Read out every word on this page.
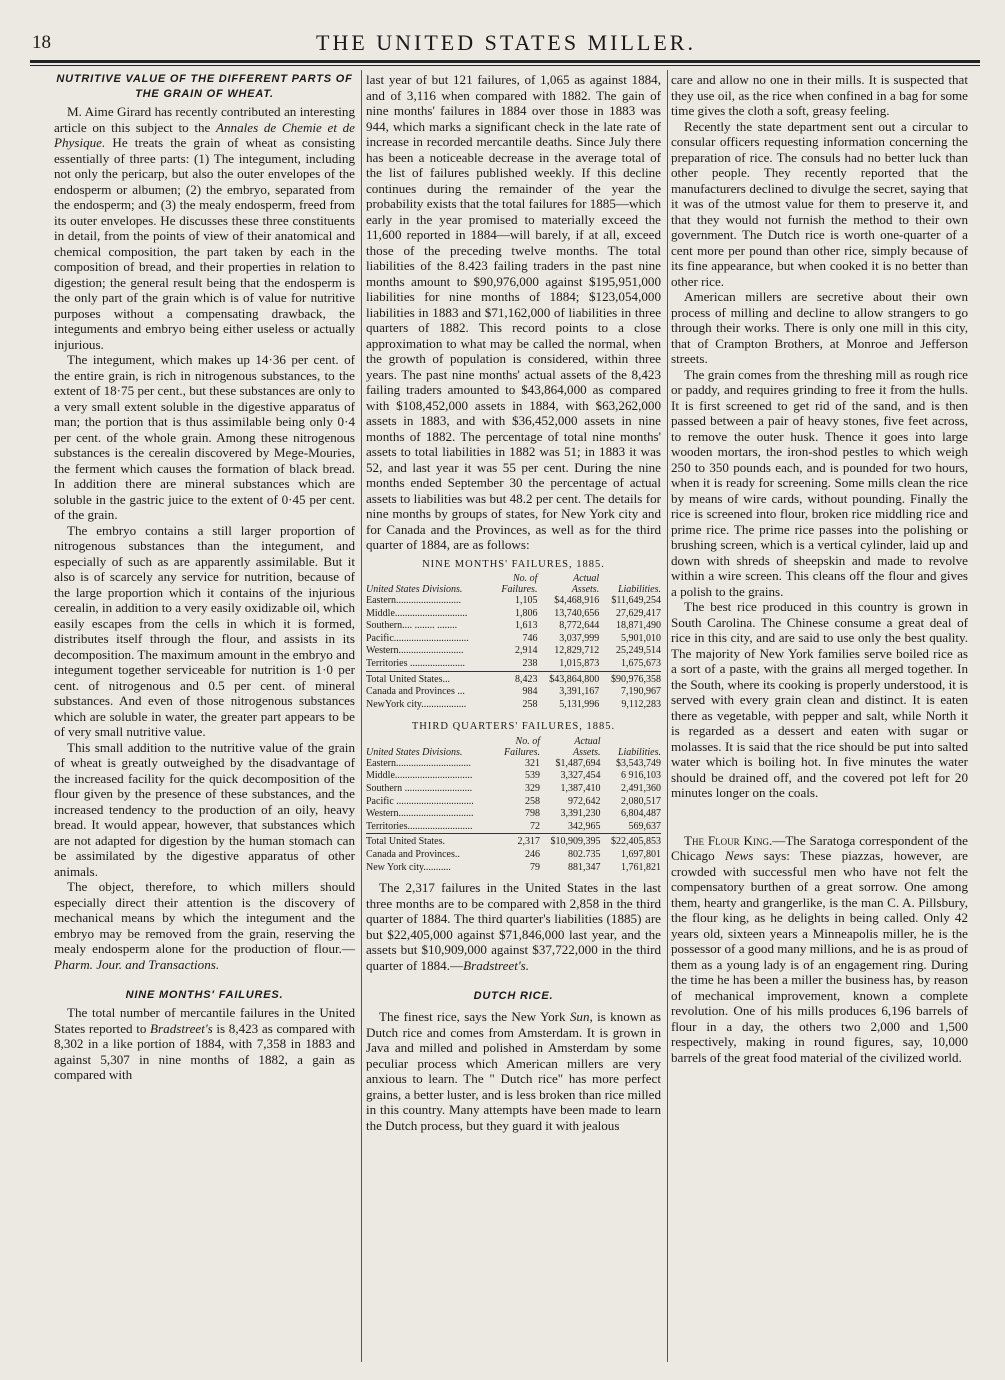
18	THE UNITED STATES MILLER.
NUTRITIVE VALUE OF THE DIFFERENT PARTS OF THE GRAIN OF WHEAT.

M. Aime Girard has recently contributed an interesting article on this subject to the Annales de Chemie et de Physique. He treats the grain of wheat as consisting essentially of three parts: (1) The integument, including not only the pericarp, but also the outer envelopes of the endosperm or albumen; (2) the embryo, separated from the endosperm; and (3) the mealy endosperm, freed from its outer envelopes. He discusses these three constituents in detail, from the points of view of their anatomical and chemical composition, the part taken by each in the composition of bread, and their properties in relation to digestion; the general result being that the endosperm is the only part of the grain which is of value for nutritive purposes without a compensating drawback, the integuments and embryo being either useless or actually injurious.

The integument, which makes up 14·36 per cent. of the entire grain, is rich in nitrogenous substances, to the extent of 18·75 per cent., but these substances are only to a very small extent soluble in the digestive apparatus of man; the portion that is thus assimilable being only 0·4 per cent. of the whole grain. Among these nitrogenous substances is the cerealin discovered by Mege-Mouries, the ferment which causes the formation of black bread. In addition there are mineral substances which are soluble in the gastric juice to the extent of 0·45 per cent. of the grain.

The embryo contains a still larger proportion of nitrogenous substances than the integument, and especially of such as are apparently assimilable. But it also is of scarcely any service for nutrition, because of the large proportion which it contains of the injurious cerealin, in addition to a very easily oxidizable oil, which easily escapes from the cells in which it is formed, distributes itself through the flour, and assists in its decomposition. The maximum amount in the embryo and integument together serviceable for nutrition is 1·0 per cent. of nitrogenous and 0.5 per cent. of mineral substances. And even of those nitrogenous substances which are soluble in water, the greater part appears to be of very small nutritive value.

This small addition to the nutritive value of the grain of wheat is greatly outweighed by the disadvantage of the increased facility for the quick decomposition of the flour given by the presence of these substances, and the increased tendency to the production of an oily, heavy bread. It would appear, however, that substances which are not adapted for digestion by the human stomach can be assimilated by the digestive apparatus of other animals.

The object, therefore, to which millers should especially direct their attention is the discovery of mechanical means by which the integument and the embryo may be removed from the grain, reserving the mealy endosperm alone for the production of flour.—Pharm. Jour. and Transactions.

NINE MONTHS' FAILURES.

The total number of mercantile failures in the United States reported to Bradstreet's is 8,423 as compared with 8,302 in a like portion of 1884, with 7,358 in 1883 and against 5,307 in nine months of 1882, a gain as compared with

last year of but 121 failures, of 1,065 as against 1884, and of 3,116 when compared with 1882. The gain of nine months' failures in 1884 over those in 1883 was 944, which marks a significant check in the late rate of increase in recorded mercantile deaths. Since July there has been a noticeable decrease in the average total of the list of failures published weekly. If this decline continues during the remainder of the year the probability exists that the total failures for 1885—which early in the year promised to materially exceed the 11,600 reported in 1884—will barely, if at all, exceed those of the preceding twelve months. The total liabilities of the 8.423 failing traders in the past nine months amount to $90,976,000 against $195,951,000 liabilities for nine months of 1884; $123,054,000 liabilities in 1883 and $71,162,000 of liabilities in three quarters of 1882. This record points to a close approximation to what may be called the normal, when the growth of population is considered, within three years. The past nine months' actual assets of the 8,423 failing traders amounted to $43,864,000 as compared with $108,452,000 assets in 1884, with $63,262,000 assets in 1883, and with $36,452,000 assets in nine months of 1882. The percentage of total nine months' assets to total liabilities in 1882 was 51; in 1883 it was 52, and last year it was 55 per cent. During the nine months ended September 30 the percentage of actual assets to liabilities was but 48.2 per cent. The details for nine months by groups of states, for New York city and for Canada and the Provinces, as well as for the third quarter of 1884, are as follows:

NINE MONTHS' FAILURES, 1885.
	No. of	Actual	
United States Divisions.	Failures.	Assets.	Liabilities.
Eastern..........................	1,105	$4,468,916	$11,649,254
Middle.............................	1,806	13,740,656	27,629,417
Southern.... ........ ........	1,613	8,772,644	18,871,490
Pacific..............................	746	3,037,999	5,901,010
Western..........................	2,914	12,829,712	25,249,514
Territories ......................	238	1,015,873	1,675,673
Total United States...	8,423	$43,864,800	$90,976,358
Canada and Provinces ...	984	3,391,167	7,190,967
NewYork city..................	258	5,131,996	9,112,283
THIRD QUARTERS' FAILURES, 1885.
	No. of	Actual	
United States Divisions.	Failures.	Assets.	Liabilities.
Eastern..............................	321	$1,487,694	$3,543,749
Middle...............................	539	3,327,454	6 916,103
Southern ...........................	329	1,387,410	2,491,360
Pacific ...............................	258	972,642	2,080,517
Western..............................	798	3,391,230	6,804,487
Territories..........................	72	342,965	569,637
Total United States.	2,317	$10,909,395	$22,405,853
Canada and Provinces..	246	802.735	1,697,801
New York city...........	79	881,347	1,761,821

The 2,317 failures in the United States in the last three months are to be compared with 2,858 in the third quarter of 1884. The third quarter's liabilities (1885) are but $22,405,000 against $71,846,000 last year, and the assets but $10,909,000 against $37,722,000 in the third quarter of 1884.—Bradstreet's.

DUTCH RICE.

The finest rice, says the New York Sun, is known as Dutch rice and comes from Amsterdam. It is grown in Java and milled and polished in Amsterdam by some peculiar process which American millers are very anxious to learn. The " Dutch rice" has more perfect grains, a better luster, and is less broken than rice milled in this country. Many attempts have been made to learn the Dutch process, but they guard it with jealous

care and allow no one in their mills. It is suspected that they use oil, as the rice when confined in a bag for some time gives the cloth a soft, greasy feeling.

Recently the state department sent out a circular to consular officers requesting information concerning the preparation of rice. The consuls had no better luck than other people. They recently reported that the manufacturers declined to divulge the secret, saying that it was of the utmost value for them to preserve it, and that they would not furnish the method to their own government. The Dutch rice is worth one-quarter of a cent more per pound than other rice, simply because of its fine appearance, but when cooked it is no better than other rice.

American millers are secretive about their own process of milling and decline to allow strangers to go through their works. There is only one mill in this city, that of Crampton Brothers, at Monroe and Jefferson streets.

The grain comes from the threshing mill as rough rice or paddy, and requires grinding to free it from the hulls. It is first screened to get rid of the sand, and is then passed between a pair of heavy stones, five feet across, to remove the outer husk. Thence it goes into large wooden mortars, the iron-shod pestles to which weigh 250 to 350 pounds each, and is pounded for two hours, when it is ready for screening. Some mills clean the rice by means of wire cards, without pounding. Finally the rice is screened into flour, broken rice middling rice and prime rice. The prime rice passes into the polishing or brushing screen, which is a vertical cylinder, laid up and down with shreds of sheepskin and made to revolve within a wire screen. This cleans off the flour and gives a polish to the grains.

The best rice produced in this country is grown in South Carolina. The Chinese consume a great deal of rice in this city, and are said to use only the best quality. The majority of New York families serve boiled rice as a sort of a paste, with the grains all merged together. In the South, where its cooking is properly understood, it is served with every grain clean and distinct. It is eaten there as vegetable, with pepper and salt, while North it is regarded as a dessert and eaten with sugar or molasses. It is said that the rice should be put into salted water which is boiling hot. In five minutes the water should be drained off, and the covered pot left for 20 minutes longer on the coals.

The Flour King.—The Saratoga correspondent of the Chicago News says: These piazzas, however, are crowded with successful men who have not felt the compensatory burthen of a great sorrow. One among them, hearty and grangerlike, is the man C. A. Pillsbury, the flour king, as he delights in being called. Only 42 years old, sixteen years a Minneapolis miller, he is the possessor of a good many millions, and he is as proud of them as a young lady is of an engagement ring. During the time he has been a miller the business has, by reason of mechanical improvement, known a complete revolution. One of his mills produces 6,196 barrels of flour in a day, the others two 2,000 and 1,500 respectively, making in round figures, say, 10,000 barrels of the great food material of the civilized world.
